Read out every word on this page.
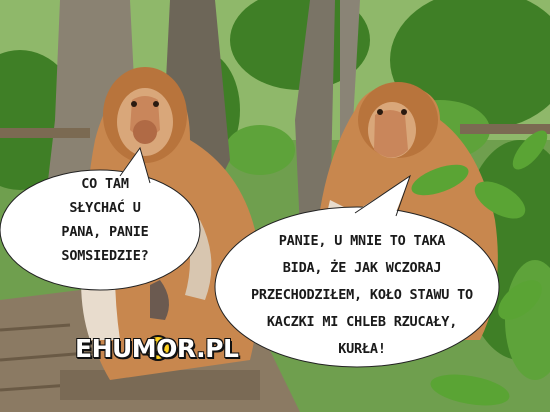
CO TAM
SŁYCHAĆ U
PANA, PANIE
SOMSIEDZIE?
PANIE, U MNIE TO TAKA
BIDA, ŻE JAK WCZORAJ
PRZECHODZIŁEM, KOŁO STAWU TO
KACZKI MI CHLEB RZUCAŁY,
KURŁA!
EHUMOR.PL
